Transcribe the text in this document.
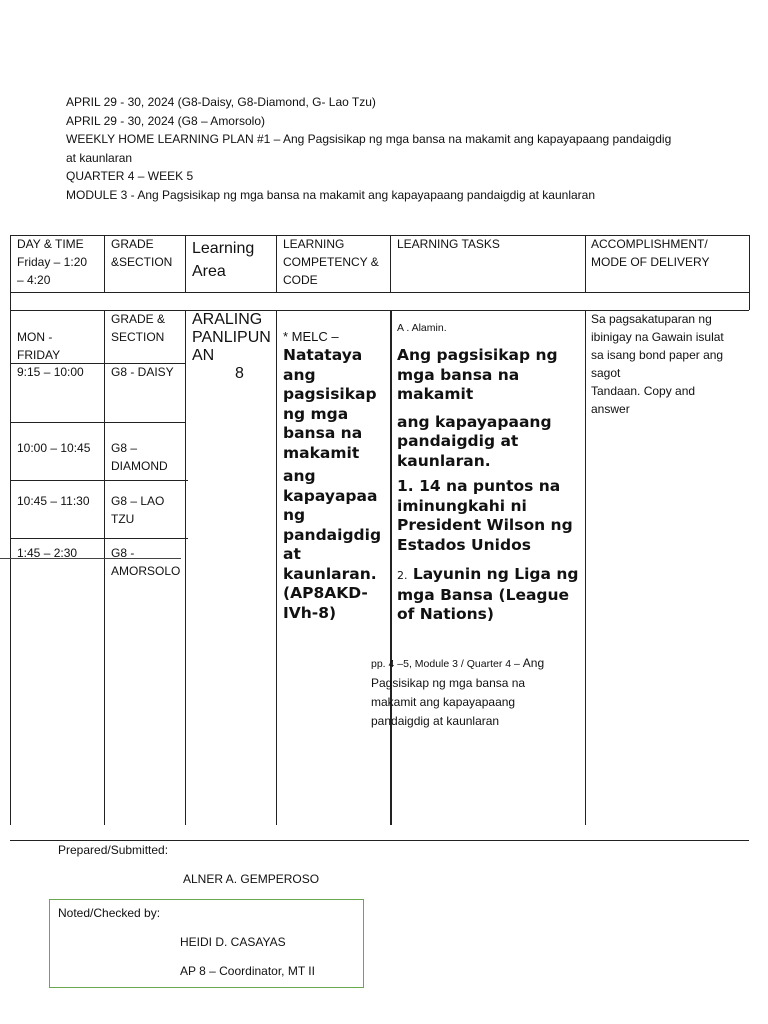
APRIL 29 - 30, 2024 (G8-Daisy, G8-Diamond, G- Lao Tzu)
APRIL 29 - 30, 2024 (G8 – Amorsolo)
WEEKLY HOME LEARNING PLAN #1 – Ang Pagsisikap ng mga bansa na makamit ang kapayapaang pandaigdig
at kaunlaran
QUARTER 4 – WEEK 5
MODULE 3 - Ang Pagsisikap ng mga bansa na makamit ang kapayapaang pandaigdig at kaunlaran
DAY & TIME
Friday – 1:20
– 4:20
GRADE
&SECTION
Learning
Area
LEARNING
COMPETENCY &
CODE
LEARNING TASKS	ACCOMPLISHMENT/
MODE OF DELIVERY
MON -
FRIDAY
9:15 – 10:00
10:00 – 10:45
10:45 – 11:30
1:45 – 2:30
GRADE &
SECTION
G8 - DAISY
G8 –
DIAMOND
G8 – LAO
TZU
G8 -
AMORSOLO
ARALING
PANLIPUN
AN
8
* MELC –
Natataya
ang
pagsisikap
ng mga
bansa na
makamit
ang
kapayapaa
ng
pandaigdig
at
kaunlaran.
(AP8AKD-
IVh-8)
A . Alamin.
Ang pagsisikap ng
mga bansa na
makamit
ang kapayapaang
pandaigdig at
kaunlaran.
1. 14 na puntos na
iminungkahi ni
President Wilson ng
Estados Unidos
2. Layunin ng Liga ng
mga Bansa (League
of Nations)
pp. 4 –5, Module 3 / Quarter 4 – Ang
Pagsisikap ng mga bansa na
makamit ang kapayapaang
pandaigdig at kaunlaran
Sa pagsakatuparan ng
ibinigay na Gawain isulat
sa isang bond paper ang
sagot
Tandaan. Copy and
answer
Prepared/Submitted:
ALNER A. GEMPEROSO
Noted/Checked by:
HEIDI D. CASAYAS
AP 8 – Coordinator, MT II
